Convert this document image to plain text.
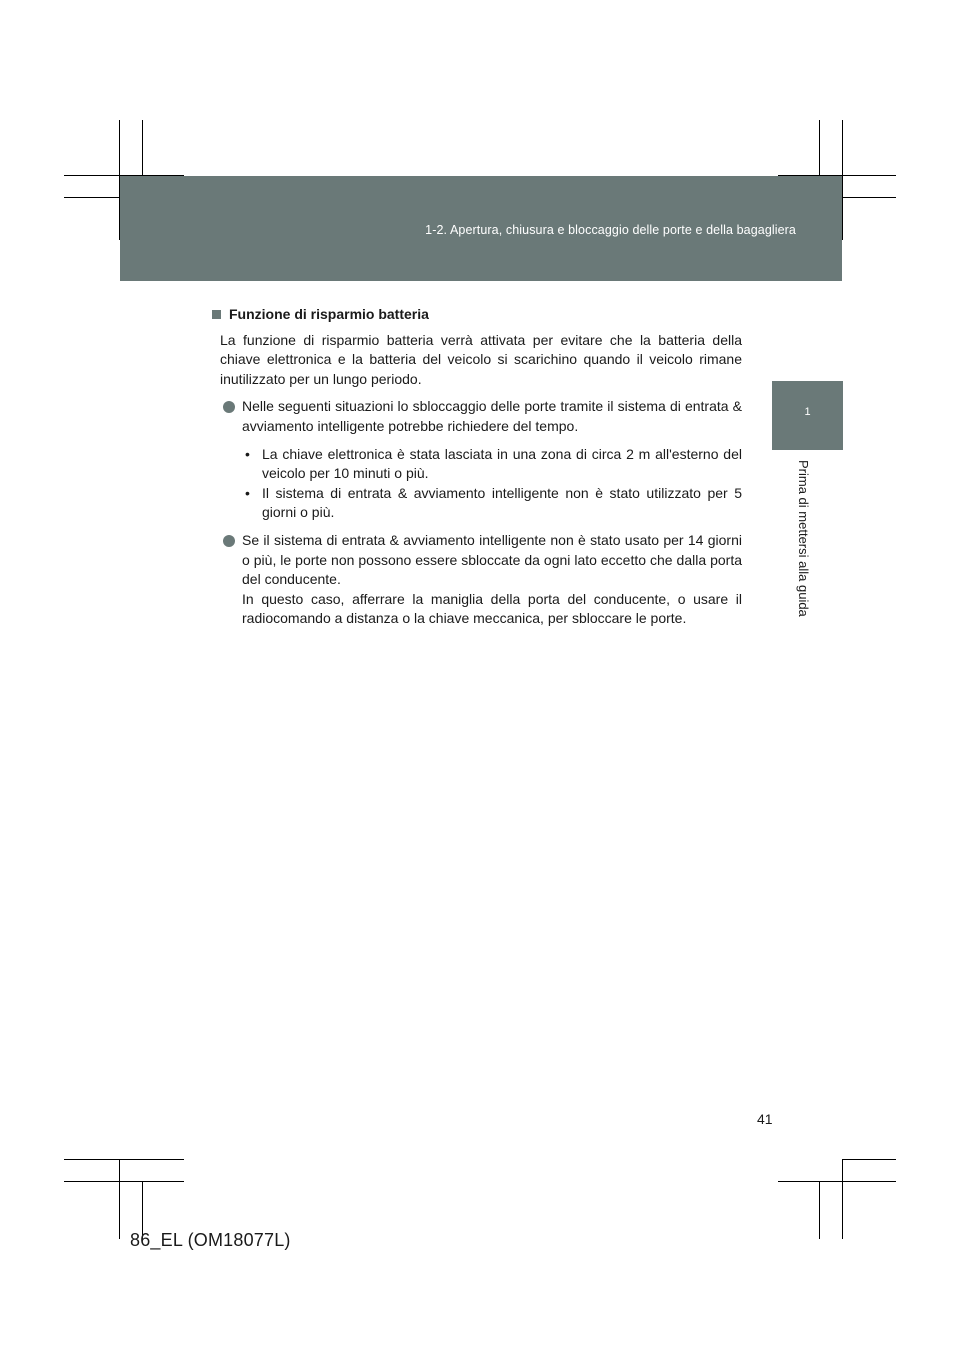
1-2. Apertura, chiusura e bloccaggio delle porte e della bagagliera
1
Prima di mettersi alla guida
Funzione di risparmio batteria
La funzione di risparmio batteria verrà attivata per evitare che la batteria della chiave elettronica e la batteria del veicolo si scarichino quando il veicolo rimane inutilizzato per un lungo periodo.
Nelle seguenti situazioni lo sbloccaggio delle porte tramite il sistema di entrata & avviamento intelligente potrebbe richiedere del tempo.
• La chiave elettronica è stata lasciata in una zona di circa 2 m all'esterno del veicolo per 10 minuti o più.
• Il sistema di entrata & avviamento intelligente non è stato utilizzato per 5 giorni o più.
Se il sistema di entrata & avviamento intelligente non è stato usato per 14 giorni o più, le porte non possono essere sbloccate da ogni lato eccetto che dalla porta del conducente.
In questo caso, afferrare la maniglia della porta del conducente, o usare il radiocomando a distanza o la chiave meccanica, per sbloccare le porte.
41
86_EL (OM18077L)
